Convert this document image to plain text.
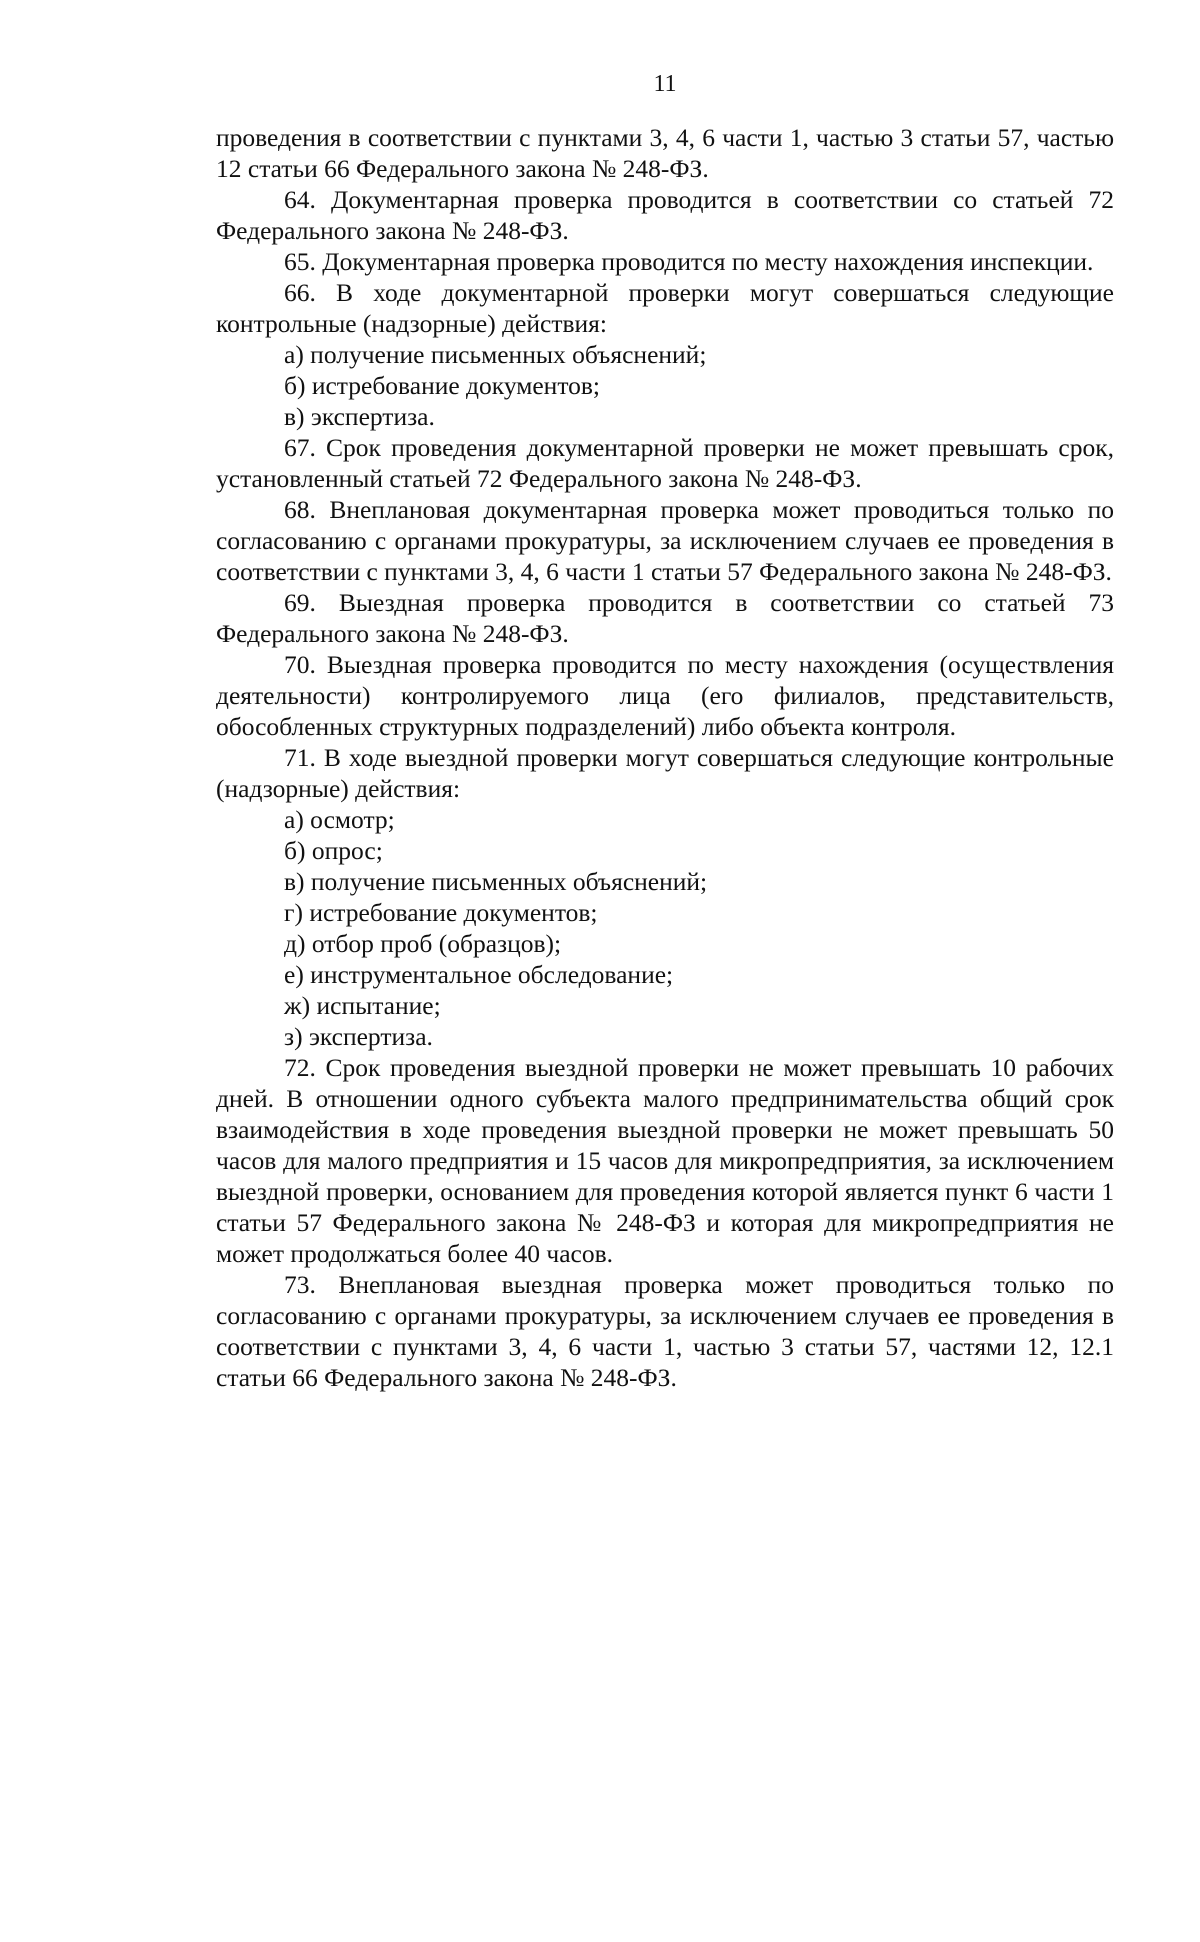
11

проведения в соответствии с пунктами 3, 4, 6 части 1, частью 3 статьи 57, частью 12 статьи 66 Федерального закона № 248-ФЗ.

64. Документарная проверка проводится в соответствии со статьей 72 Федерального закона № 248-ФЗ.

65. Документарная проверка проводится по месту нахождения инспекции.

66. В ходе документарной проверки могут совершаться следующие контрольные (надзорные) действия:

а) получение письменных объяснений;

б) истребование документов;

в) экспертиза.

67. Срок проведения документарной проверки не может превышать срок, установленный статьей 72 Федерального закона № 248-ФЗ.

68. Внеплановая документарная проверка может проводиться только по согласованию с органами прокуратуры, за исключением случаев ее проведения в соответствии с пунктами 3, 4, 6 части 1 статьи 57 Федерального закона № 248-ФЗ.

69. Выездная проверка проводится в соответствии со статьей 73 Федерального закона № 248-ФЗ.

70. Выездная проверка проводится по месту нахождения (осуществления деятельности) контролируемого лица (его филиалов, представительств, обособленных структурных подразделений) либо объекта контроля.

71. В ходе выездной проверки могут совершаться следующие контрольные (надзорные) действия:

а) осмотр;

б) опрос;

в) получение письменных объяснений;

г) истребование документов;

д) отбор проб (образцов);

е) инструментальное обследование;

ж) испытание;

з) экспертиза.

72. Срок проведения выездной проверки не может превышать 10 рабочих дней. В отношении одного субъекта малого предпринимательства общий срок взаимодействия в ходе проведения выездной проверки не может превышать 50 часов для малого предприятия и 15 часов для микропредприятия, за исключением выездной проверки, основанием для проведения которой является пункт 6 части 1 статьи 57 Федерального закона № 248-ФЗ и которая для микропредприятия не может продолжаться более 40 часов.

73. Внеплановая выездная проверка может проводиться только по согласованию с органами прокуратуры, за исключением случаев ее проведения в соответствии с пунктами 3, 4, 6 части 1, частью 3 статьи 57, частями 12, 12.1 статьи 66 Федерального закона № 248-ФЗ.
